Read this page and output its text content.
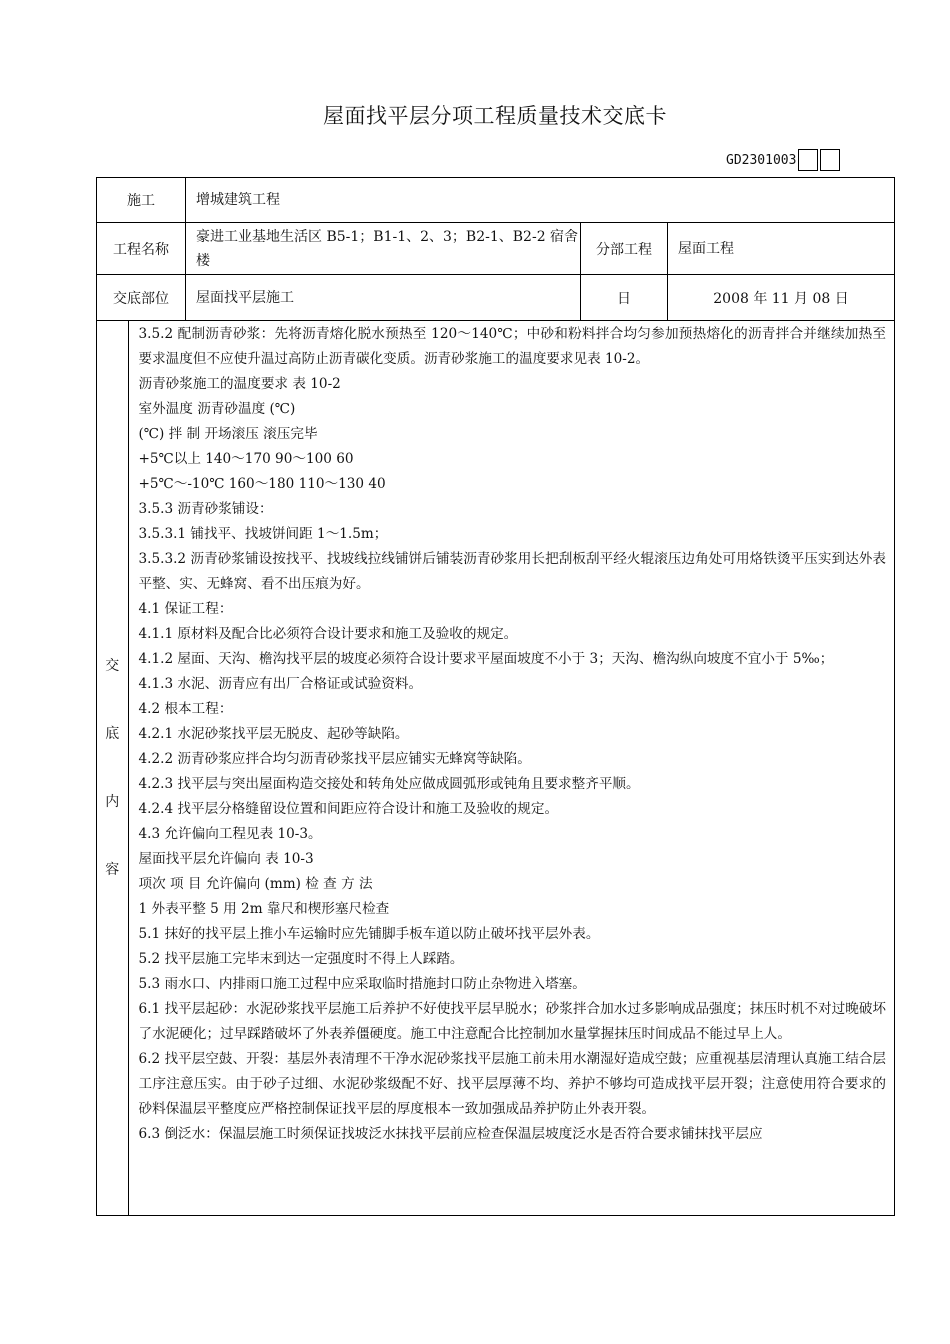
屋面找平层分项工程质量技术交底卡
GD2301003
施工	增城建筑工程
工程名称	豪进工业基地生活区 B5-1；B1-1、2、3；B2-1、B2-2 宿舍楼	分部工程	屋面工程
交底部位	屋面找平层施工	日	2008 年 11 月 08 日

交
底
内
容

3.5.2 配制沥青砂浆：先将沥青熔化脱水预热至 120～140℃；中砂和粉料拌合均匀参加预热熔化的沥青拌合并继续加热至要求温度但不应使升温过高防止沥青碳化变质。沥青砂浆施工的温度要求见表 10-2。

沥青砂浆施工的温度要求 表 10-2

室外温度 沥青砂温度 (℃)

(℃) 拌 制 开场滚压 滚压完毕

+5℃以上 140～170 90～100 60

+5℃～-10℃ 160～180 110～130 40

3.5.3 沥青砂浆铺设：

3.5.3.1 铺找平、找坡饼间距 1～1.5m；

3.5.3.2 沥青砂浆铺设按找平、找坡线拉线铺饼后铺装沥青砂浆用长把刮板刮平经火辊滚压边角处可用烙铁烫平压实到达外表平整、实、无蜂窝、看不出压痕为好。

4.1 保证工程：

4.1.1 原材料及配合比必须符合设计要求和施工及验收的规定。

4.1.2 屋面、天沟、檐沟找平层的坡度必须符合设计要求平屋面坡度不小于 3；天沟、檐沟纵向坡度不宜小于 5‰；

4.1.3 水泥、沥青应有出厂合格证或试验资料。

4.2 根本工程：

4.2.1 水泥砂浆找平层无脱皮、起砂等缺陷。

4.2.2 沥青砂浆应拌合均匀沥青砂浆找平层应铺实无蜂窝等缺陷。

4.2.3 找平层与突出屋面构造交接处和转角处应做成圆弧形或钝角且要求整齐平顺。

4.2.4 找平层分格缝留设位置和间距应符合设计和施工及验收的规定。

4.3 允许偏向工程见表 10-3。

屋面找平层允许偏向 表 10-3

项次 项 目 允许偏向 (mm) 检 查 方 法

1 外表平整 5 用 2m 靠尺和楔形塞尺检查

5.1 抹好的找平层上推小车运输时应先铺脚手板车道以防止破坏找平层外表。

5.2 找平层施工完毕末到达一定强度时不得上人踩踏。

5.3 雨水口、内排雨口施工过程中应采取临时措施封口防止杂物进入塔塞。

6.1 找平层起砂：水泥砂浆找平层施工后养护不好使找平层早脱水；砂浆拌合加水过多影响成品强度；抹压时机不对过晚破坏了水泥硬化；过早踩踏破坏了外表养僵硬度。施工中注意配合比控制加水量掌握抹压时间成品不能过早上人。

6.2 找平层空鼓、开裂：基层外表清理不干净水泥砂浆找平层施工前未用水潮湿好造成空鼓；应重视基层清理认真施工结合层工序注意压实。由于砂子过细、水泥砂浆级配不好、找平层厚薄不均、养护不够均可造成找平层开裂；注意使用符合要求的砂料保温层平整度应严格控制保证找平层的厚度根本一致加强成品养护防止外表开裂。

6.3 倒泛水：保温层施工时须保证找坡泛水抹找平层前应检查保温层坡度泛水是否符合要求铺抹找平层应
